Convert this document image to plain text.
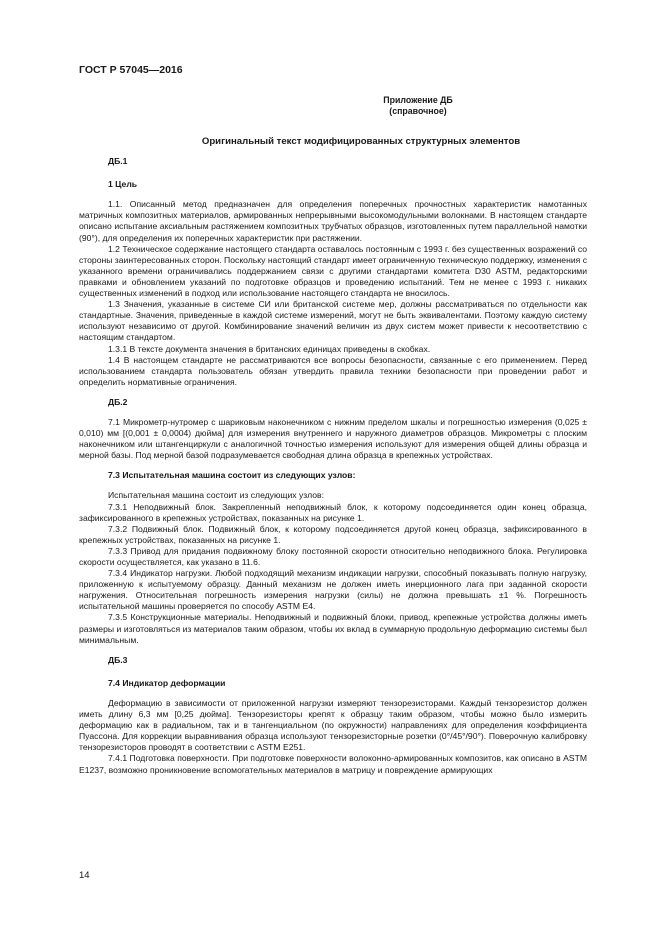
ГОСТ Р 57045—2016
Приложение ДБ
(справочное)
Оригинальный текст модифицированных структурных элементов
ДБ.1
1 Цель

1.1. Описанный метод предназначен для определения поперечных прочностных характеристик намотанных матричных композитных материалов, армированных непрерывными высокомодульными волокнами. В настоящем стандарте описано испытание аксиальным растяжением композитных трубчатых образцов, изготовленных путем параллельной намотки (90°), для определения их поперечных характеристик при растяжении.

1.2 Техническое содержание настоящего стандарта оставалось постоянным с 1993 г. без существенных возражений со стороны заинтересованных сторон. Поскольку настоящий стандарт имеет ограниченную техническую поддержку, изменения с указанного времени ограничивались поддержанием связи с другими стандартами комитета D30 ASTM, редакторскими правками и обновлением указаний по подготовке образцов и проведению испытаний. Тем не менее с 1993 г. никаких существенных изменений в подход или использование настоящего стандарта не вносилось.

1.3 Значения, указанные в системе СИ или британской системе мер, должны рассматриваться по отдельности как стандартные. Значения, приведенные в каждой системе измерений, могут не быть эквивалентами. Поэтому каждую систему используют независимо от другой. Комбинирование значений величин из двух систем может привести к несоответствию с настоящим стандартом.

1.3.1 В тексте документа значения в британских единицах приведены в скобках.

1.4 В настоящем стандарте не рассматриваются все вопросы безопасности, связанные с его применением. Перед использованием стандарта пользователь обязан утвердить правила техники безопасности при проведении работ и определить нормативные ограничения.

ДБ.2

7.1 Микрометр-нутромер с шариковым наконечником с нижним пределом шкалы и погрешностью измерения (0,025 ± 0,010) мм [(0,001 ± 0,0004) дюйма] для измерения внутреннего и наружного диаметров образцов. Микрометры с плоским наконечником или штангенциркули с аналогичной точностью измерения используют для измерения общей длины образца и мерной базы. Под мерной базой подразумевается свободная длина образца в крепежных устройствах.

7.3 Испытательная машина состоит из следующих узлов:

Испытательная машина состоит из следующих узлов:

7.3.1 Неподвижный блок. Закрепленный неподвижный блок, к которому подсоединяется один конец образца, зафиксированного в крепежных устройствах, показанных на рисунке 1.

7.3.2 Подвижный блок. Подвижный блок, к которому подсоединяется другой конец образца, зафиксированного в крепежных устройствах, показанных на рисунке 1.

7.3.3 Привод для придания подвижному блоку постоянной скорости относительно неподвижного блока. Регулировка скорости осуществляется, как указано в 11.6.

7.3.4 Индикатор нагрузки. Любой подходящий механизм индикации нагрузки, способный показывать полную нагрузку, приложенную к испытуемому образцу. Данный механизм не должен иметь инерционного лага при заданной скорости нагружения. Относительная погрешность измерения нагрузки (силы) не должна превышать ±1 %. Погрешность испытательной машины проверяется по способу ASTM E4.

7.3.5 Конструкционные материалы. Неподвижный и подвижный блоки, привод, крепежные устройства должны иметь размеры и изготовляться из материалов таким образом, чтобы их вклад в суммарную продольную деформацию системы был минимальным.

ДБ.3
7.4 Индикатор деформации

Деформацию в зависимости от приложенной нагрузки измеряют тензорезисторами. Каждый тензорезистор должен иметь длину 6,3 мм [0,25 дюйма]. Тензорезисторы крепят к образцу таким образом, чтобы можно было измерить деформацию как в радиальном, так и в тангенциальном (по окружности) направлениях для определения коэффициента Пуассона. Для коррекции выравнивания образца используют тензорезисторные розетки (0°/45°/90°). Поверочную калибровку тензорезисторов проводят в соответствии с ASTM E251.

7.4.1 Подготовка поверхности. При подготовке поверхности волоконно-армированных композитов, как описано в ASTM E1237, возможно проникновение вспомогательных материалов в матрицу и повреждение армирующих

14
